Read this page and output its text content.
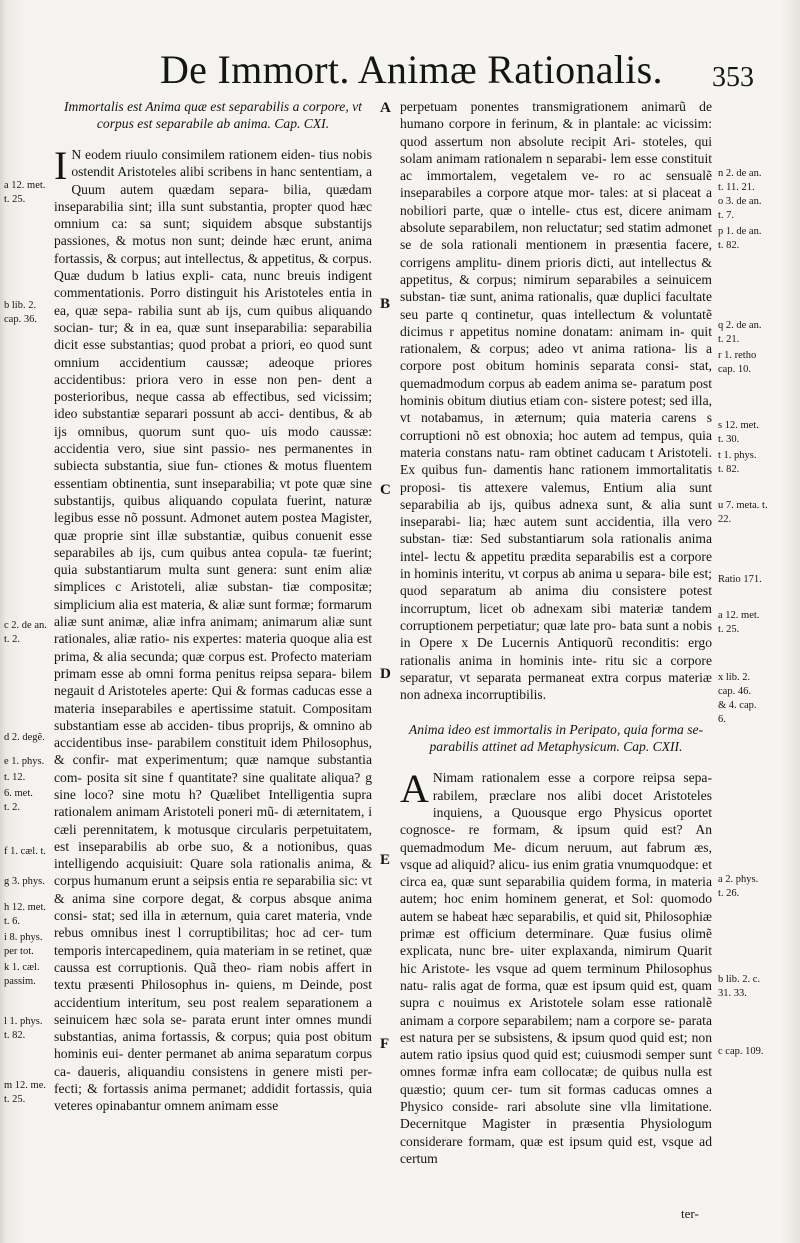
De Immort. Animæ Rationalis. 353
a 12. met.
t. 25.
b lib. 2.
cap. 36.
c 2. de an.
t. 2.
d 2. degẽ.
e 1. phys.
t. 12.
6. met.
t. 2.
f 1. cæl. t.
g 3. phys.
h 12. met.
t. 6.
i 8. phys.
per tot.
k 1. cæl.
passim.
l 1. phys.
t. 82.
m 12. me.
t. 25.
A
B
C
D
E
F

Immortalis est Anima quæ est separabilis a corpore, vt corpus est separabile ab anima. Cap. CXI.

I N eodem riuulo consimilem rationem eiden- tius nobis ostendit Aristoteles alibi scribens in hanc sententiam, a Quum autem quædam separa- bilia, quædam inseparabilia sint; illa sunt substantia, propter quod hæc omnium ca: sa sunt; siquidem absque substantijs passiones, & motus non sunt; deinde hæc erunt, anima fortassis, & corpus; aut intellectus, & appetitus, & corpus. Quæ dudum b latius expli- cata, nunc breuis indigent commentationis. Porro distinguit his Aristoteles entia in ea, quæ sepa- rabilia sunt ab ijs, cum quibus aliquando socian- tur; & in ea, quæ sunt inseparabilia: separabilia dicit esse substantias; quod probat a priori, eo quod sunt omnium accidentium caussæ; adeoque priores accidentibus: priora vero in esse non pen- dent a posterioribus, neque cassa ab effectibus, sed vicissim; ideo substantiæ separari possunt ab acci- dentibus, & ab ijs omnibus, quorum sunt quo- uis modo caussæ: accidentia vero, siue sint passio- nes permanentes in subiecta substantia, siue fun- ctiones & motus fluentem essentiam obtinentia, sunt inseparabilia; vt pote quæ sine substantijs, quibus aliquando copulata fuerint, naturæ legibus esse nõ possunt. Admonet autem postea Magister, quæ proprie sint illæ substantiæ, quibus conuenit esse separabiles ab ijs, cum quibus antea copula- tæ fuerint; quia substantiarum multa sunt genera: sunt enim aliæ simplices c Aristoteli, aliæ substan- tiæ compositæ; simplicium alia est materia, & aliæ sunt formæ; formarum aliæ sunt animæ, aliæ infra animam; animarum aliæ sunt rationales, aliæ ratio- nis expertes: materia quoque alia est prima, & alia secunda; quæ corpus est. Profecto materiam primam esse ab omni forma penitus reipsa separa- bilem negauit d Aristoteles aperte: Qui & formas caducas esse a materia inseparabiles e apertissime statuit. Compositam substantiam esse ab acciden- tibus proprijs, & omnino ab accidentibus inse- parabilem constituit idem Philosophus, & confir- mat experimentum; quæ namque substantia com- posita sit sine f quantitate? sine qualitate aliqua? g sine loco? sine motu h? Quælibet Intelligentia supra rationalem animam Aristoteli poneri mũ- di æternitatem, i cæli perennitatem, k motusque circularis perpetuitatem, est inseparabilis ab orbe suo, & a notionibus, quas intelligendo acquisiuit: Quare sola rationalis anima, & corpus humanum erunt a seipsis entia re separabilia sic: vt & anima sine corpore degat, & corpus absque anima consi- stat; sed illa in æternum, quia caret materia, vnde rebus omnibus inest l corruptibilitas; hoc ad cer- tum temporis intercapedinem, quia materiam in se retinet, quæ caussa est corruptionis. Quã theo- riam nobis affert in textu præsenti Philosophus in- quiens, m Deinde, post accidentium interitum, seu post realem separationem a seinuicem hæc sola se- parata erunt inter omnes mundi substantias, anima fortassis, & corpus; quia post obitum hominis eui- denter permanet ab anima separatum corpus ca- daueris, aliquandiu consistens in genere misti per- fecti; & fortassis anima permanet; addidit fortassis, quia veteres opinabantur omnem animam esse

perpetuam ponentes transmigrationem animarũ de humano corpore in ferinum, & in plantale: ac vicissim: quod assertum non absolute recipit Ari- stoteles, qui solam animam rationalem n separabi- lem esse constituit ac immortalem, vegetalem ve- ro ac sensualẽ inseparabiles a corpore atque mor- tales: at si placeat a nobiliori parte, quæ o intelle- ctus est, dicere animam absolute separabilem, non reluctatur; sed statim admonet se de sola rationali mentionem in præsentia facere, corrigens amplitu- dinem prioris dicti, aut intellectus & appetitus, & corpus; nimirum separabiles a seinuicem substan- tiæ sunt, anima rationalis, quæ duplici facultate seu parte q continetur, quas intellectum & voluntatẽ dicimus r appetitus nomine donatam: animam in- quit rationalem, & corpus; adeo vt anima rationa- lis a corpore post obitum hominis separata consi- stat, quemadmodum corpus ab eadem anima se- paratum post hominis obitum diutius etiam con- sistere potest; sed illa, vt notabamus, in æternum; quia materia carens s corruptioni nõ est obnoxia; hoc autem ad tempus, quia materia constans natu- ram obtinet caducam t Aristoteli. Ex quibus fun- damentis hanc rationem immortalitatis proposi- tis attexere valemus, Entium alia sunt separabilia ab ijs, quibus adnexa sunt, & alia sunt inseparabi- lia; hæc autem sunt accidentia, illa vero substan- tiæ: Sed substantiarum sola rationalis anima intel- lectu & appetitu prædita separabilis est a corpore in hominis interitu, vt corpus ab anima u separa- bile est; quod separatum ab anima diu consistere potest incorruptum, licet ob adnexam sibi materiæ tandem corruptionem perpetiatur; quæ late pro- bata sunt a nobis in Opere x De Lucernis Antiquorũ reconditis: ergo rationalis anima in hominis inte- ritu sic a corpore separatur, vt separata permaneat extra corpus materiæ non adnexa incorruptibilis.

Anima ideo est immortalis in Peripato, quia forma se- parabilis attinet ad Metaphysicum. Cap. CXII.

A Nimam rationalem esse a corpore reipsa sepa- rabilem, præclare nos alibi docet Aristoteles inquiens, a Quousque ergo Physicus oportet cognosce- re formam, & ipsum quid est? An quemadmodum Me- dicum neruum, aut fabrum æs, vsque ad aliquid? alicu- ius enim gratia vnumquodque: et circa ea, quæ sunt separabilia quidem forma, in materia autem; hoc enim hominem generat, et Sol: quomodo autem se habeat hæc separabilis, et quid sit, Philosophiæ primæ est officium determinare. Quæ fusius olimẽ explicata, nunc bre- uiter explaxanda, nimirum Quarit hic Aristote- les vsque ad quem terminum Philosophus natu- ralis agat de forma, quæ est ipsum quid est, quam supra c nouimus ex Aristotele solam esse rationalẽ animam a corpore separabilem; nam a corpore se- parata est natura per se subsistens, & ipsum quod quid est; non autem ratio ipsius quod quid est; cuiusmodi semper sunt omnes formæ infra eam collocatæ; de quibus nulla est quæstio; quum cer- tum sit formas caducas omnes a Physico conside- rari absolute sine vlla limitatione. Decernitque Magister in præsentia Physiologum considerare formam, quæ est ipsum quid est, vsque ad certum

n 2. de an.
t. 11. 21.
o 3. de an.
t. 7.
p 1. de an.
t. 82.
q 2. de an.
t. 21.
r 1. retho
cap. 10.
s 12. met.
t. 30.
t 1. phys.
t. 82.
u 7. meta. t.
22.
Ratio 171.
a 12. met.
t. 25.
x lib. 2.
cap. 46.
& 4. cap.
6.
a 2. phys.
t. 26.
b lib. 2. c.
31. 33.
c cap. 109.
ter-
